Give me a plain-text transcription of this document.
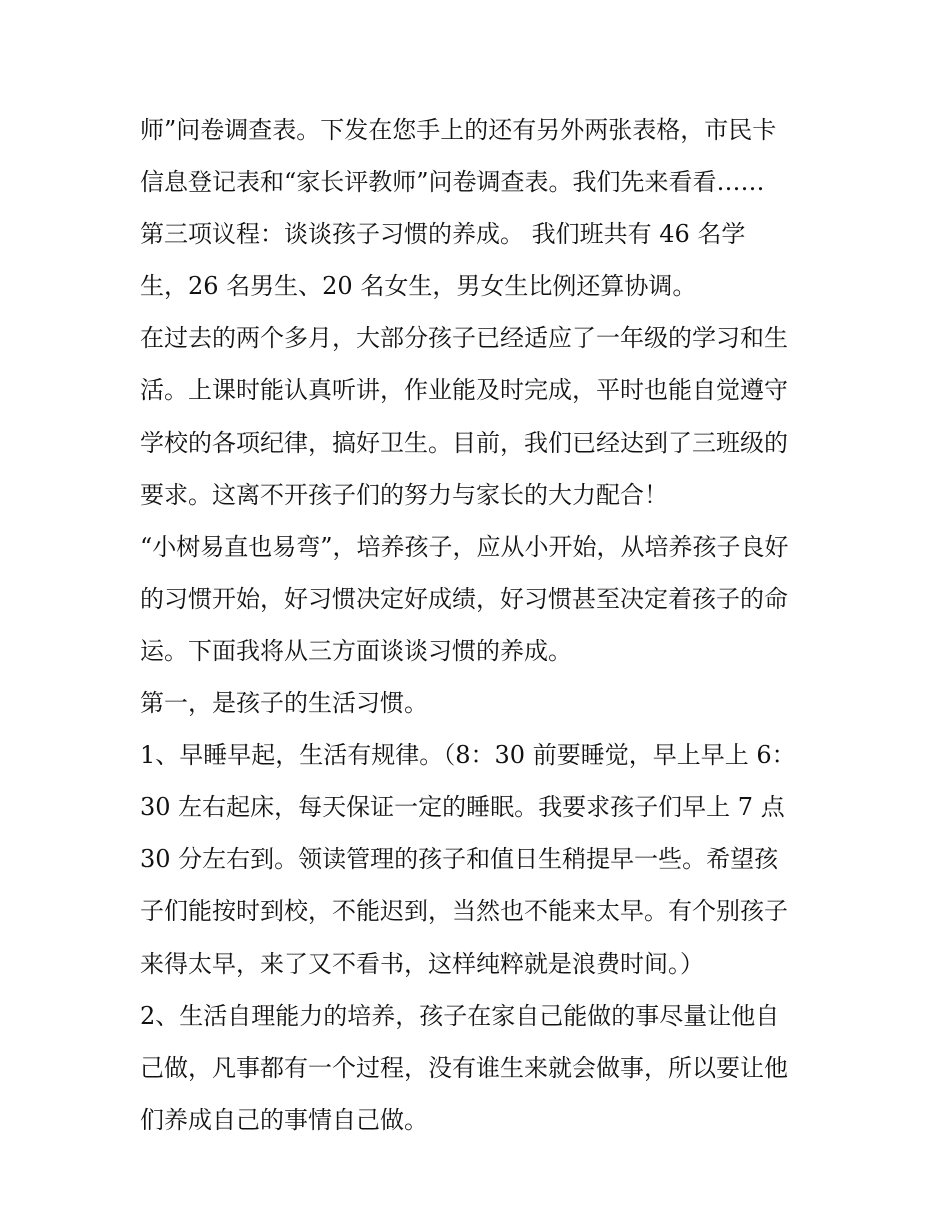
师”问卷调查表。下发在您手上的还有另外两张表格，市民卡

信息登记表和“家长评教师”问卷调查表。我们先来看看……

第三项议程：谈谈孩子习惯的养成。 我们班共有 46 名学

生，26 名男生、20 名女生，男女生比例还算协调。

在过去的两个多月，大部分孩子已经适应了一年级的学习和生

活。上课时能认真听讲，作业能及时完成，平时也能自觉遵守

学校的各项纪律，搞好卫生。目前，我们已经达到了三班级的

要求。这离不开孩子们的努力与家长的大力配合！

“小树易直也易弯”，培养孩子，应从小开始，从培养孩子良好

的习惯开始，好习惯决定好成绩，好习惯甚至决定着孩子的命

运。下面我将从三方面谈谈习惯的养成。

第一，是孩子的生活习惯。

1、早睡早起，生活有规律。（8：30 前要睡觉，早上早上 6：

30 左右起床，每天保证一定的睡眠。我要求孩子们早上 7 点

30 分左右到。领读管理的孩子和值日生稍提早一些。希望孩

子们能按时到校，不能迟到，当然也不能来太早。有个别孩子

来得太早，来了又不看书，这样纯粹就是浪费时间。）

2、生活自理能力的培养，孩子在家自己能做的事尽量让他自

己做，凡事都有一个过程，没有谁生来就会做事，所以要让他

们养成自己的事情自己做。
